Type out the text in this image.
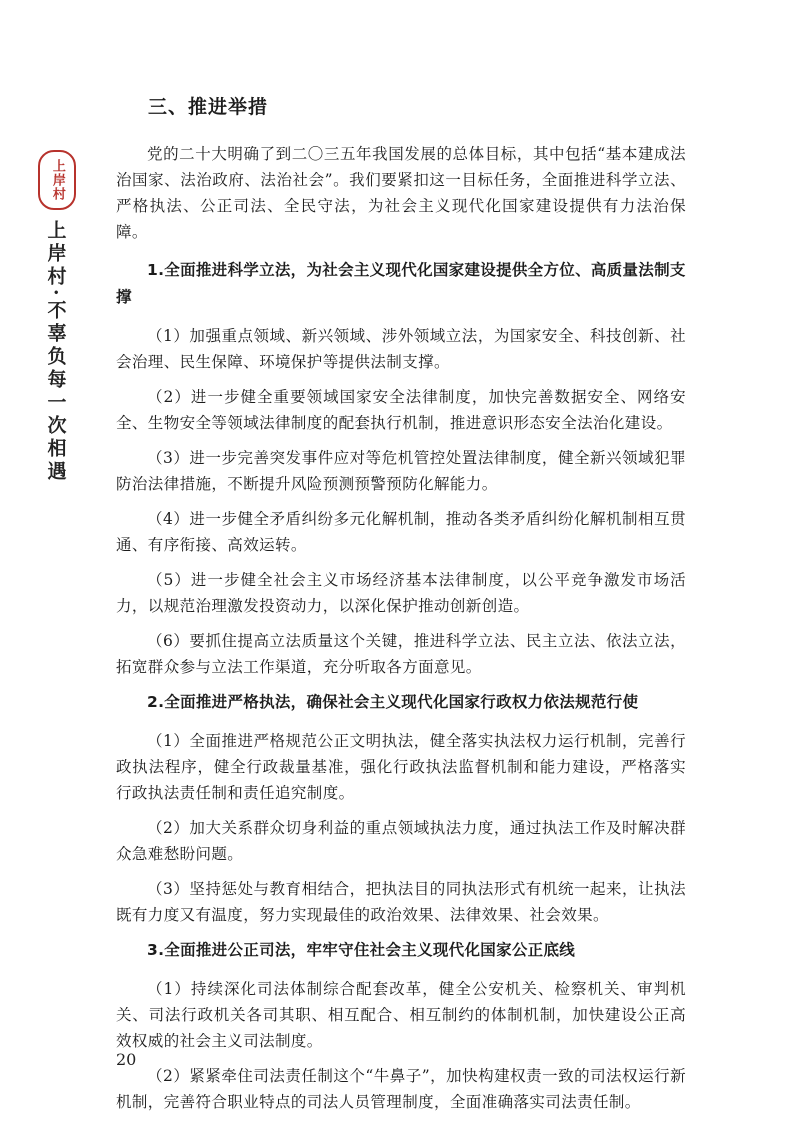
上岸村
上岸村·不辜负每一次相遇
三、推进举措

党的二十大明确了到二〇三五年我国发展的总体目标，其中包括“基本建成法治国家、法治政府、法治社会”。我们要紧扣这一目标任务，全面推进科学立法、严格执法、公正司法、全民守法，为社会主义现代化国家建设提供有力法治保障。

1.全面推进科学立法，为社会主义现代化国家建设提供全方位、高质量法制支撑

（1）加强重点领域、新兴领域、涉外领域立法，为国家安全、科技创新、社会治理、民生保障、环境保护等提供法制支撑。

（2）进一步健全重要领域国家安全法律制度，加快完善数据安全、网络安全、生物安全等领域法律制度的配套执行机制，推进意识形态安全法治化建设。

（3）进一步完善突发事件应对等危机管控处置法律制度，健全新兴领域犯罪防治法律措施，不断提升风险预测预警预防化解能力。

（4）进一步健全矛盾纠纷多元化解机制，推动各类矛盾纠纷化解机制相互贯通、有序衔接、高效运转。

（5）进一步健全社会主义市场经济基本法律制度，以公平竞争激发市场活力，以规范治理激发投资动力，以深化保护推动创新创造。

（6）要抓住提高立法质量这个关键，推进科学立法、民主立法、依法立法，拓宽群众参与立法工作渠道，充分听取各方面意见。

2.全面推进严格执法，确保社会主义现代化国家行政权力依法规范行使

（1）全面推进严格规范公正文明执法，健全落实执法权力运行机制，完善行政执法程序，健全行政裁量基准，强化行政执法监督机制和能力建设，严格落实行政执法责任制和责任追究制度。

（2）加大关系群众切身利益的重点领域执法力度，通过执法工作及时解决群众急难愁盼问题。

（3）坚持惩处与教育相结合，把执法目的同执法形式有机统一起来，让执法既有力度又有温度，努力实现最佳的政治效果、法律效果、社会效果。

3.全面推进公正司法，牢牢守住社会主义现代化国家公正底线

（1）持续深化司法体制综合配套改革，健全公安机关、检察机关、审判机关、司法行政机关各司其职、相互配合、相互制约的体制机制，加快建设公正高效权威的社会主义司法制度。

（2）紧紧牵住司法责任制这个“牛鼻子”，加快构建权责一致的司法权运行新机制，完善符合职业特点的司法人员管理制度，全面准确落实司法责任制。

20
